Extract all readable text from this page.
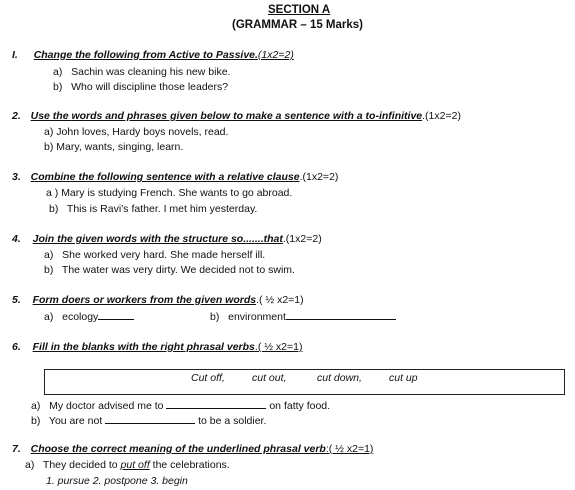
SECTION A
(GRAMMAR – 15 Marks)
I. Change the following from Active to Passive.(1x2=2)
a) Sachin was cleaning his new bike.
b) Who will discipline those leaders?
2. Use the words and phrases given below to make a sentence with a to-infinitive.(1x2=2)
a) John loves, Hardy boys novels, read.
b) Mary, wants, singing, learn.
3. Combine the following sentence with a relative clause.(1x2=2)
a ) Mary is studying French. She wants to go abroad.
b) This is Ravi’s father. I met him yesterday.
4. Join the given words with the structure so.......that.(1x2=2)
a) She worked very hard. She made herself ill.
b) The water was very dirty. We decided not to swim.
5. Form doers or workers from the given words.( ½ x2=1)
a) ecology	b) environment
6. Fill in the blanks with the right phrasal verbs.( ½ x2=1)
Cut off,	cut out,	cut down,	cut up
a) My doctor advised me to	on fatty food.
b) You are not	to be a soldier.
7. Choose the correct meaning of the underlined phrasal verb:( ½ x2=1)
a) They decided to put off the celebrations.
1. pursue 2. postpone 3. begin
